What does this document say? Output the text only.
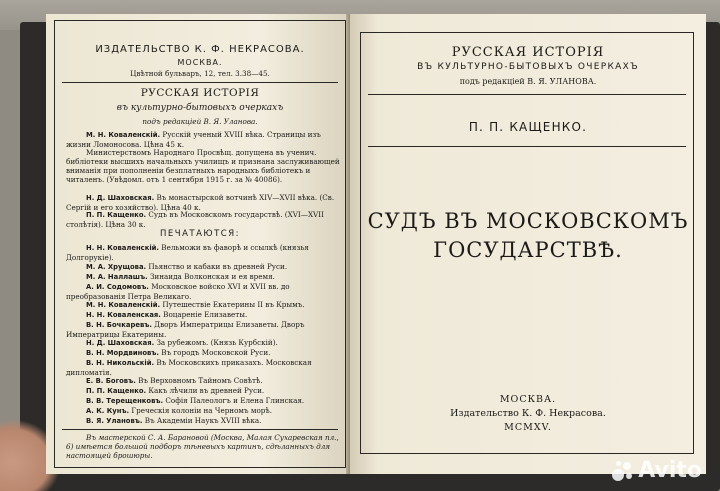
ИЗДАТЕЛЬСТВО К. Ф. НЕКРАСОВА.
МОСКВА.
Цвѣтной бульваръ, 12, тел. 3.38—45.
РУССКАЯ ИСТОРІЯ
въ культурно-бытовыхъ очеркахъ
подъ редакціей В. Я. Уланова.
М. Н. Коваленскій. Русскій ученый XVIII вѣка. Страницы изъ жизни Ломоносова. Цѣна 45 к.
Министерствомъ Народнаго Просвѣщ. допущена въ ученич. библіотеки высшихъ начальныхъ училищъ и признана заслуживающей вниманія при пополненіи безплатныхъ народныхъ библіотекъ и читаленъ. (Увѣдомл. отъ 1 сентября 1915 г. за № 40086).
Н. Д. Шаховская. Въ монастырской вотчинѣ XIV—XVII вѣка. (Св. Сергій и его хозяйство). Цѣна 40 к.
П. П. Кащенко. Судъ въ Московскомъ государствѣ. (XVI—XVII столѣтія). Цѣна 30 к.
ПЕЧАТАЮТСЯ:
Н. Н. Коваленскій. Вельможи въ фаворѣ и ссылкѣ (князья Долгорукіе).
М. А. Хрущова. Пьянство и кабаки въ древней Руси.
М. А. Наллашъ. Зинаида Волконская и ея время.
А. И. Содомовъ. Московское войско XVI и XVII вв. до преобразованія Петра Великаго.
М. Н. Коваленскій. Путешествіе Екатерины II въ Крымъ.
Н. Н. Коваленская. Воцареніе Елизаветы.
В. Н. Бочкаревъ. Дворъ Императрицы Елизаветы. Дворъ Императрицы Екатерины.
Н. Д. Шаховская. За рубежомъ. (Князь Курбскій).
В. Н. Мордвиновъ. Въ городъ Московской Руси.
В. Н. Никольскій. Въ Московскихъ приказахъ. Московская дипломатія.
Е. В. Боговъ. Въ Верховномъ Тайномъ Совѣтѣ.
П. П. Кащенко. Какъ лѣчили въ древней Руси.
В. В. Терещенковъ. Софія Палеологъ и Елена Глинская.
А. К. Кунъ. Греческія колоніи на Черномъ морѣ.
В. Я. Улановъ. Въ Академіи Наукъ XVIII вѣка.
Въ мастерской С. А. Барановой (Москва, Малая Сухаревская пл., 6) имѣется большой подборъ тѣневыхъ картинъ, сдѣланныхъ для настоящей брошюры.
РУССКАЯ ИСТОРІЯ
ВЪ КУЛЬТУРНО-БЫТОВЫХЪ ОЧЕРКАХЪ
подъ редакціей В. Я. УЛАНОВА.
П. П. КАЩЕНКО.
СУДЪ ВЪ МОСКОВСКОМЪ
ГОСУДАРСТВѢ.
МОСКВА.
Издательство К. Ф. Некрасова.
MCMXV.
Avito
